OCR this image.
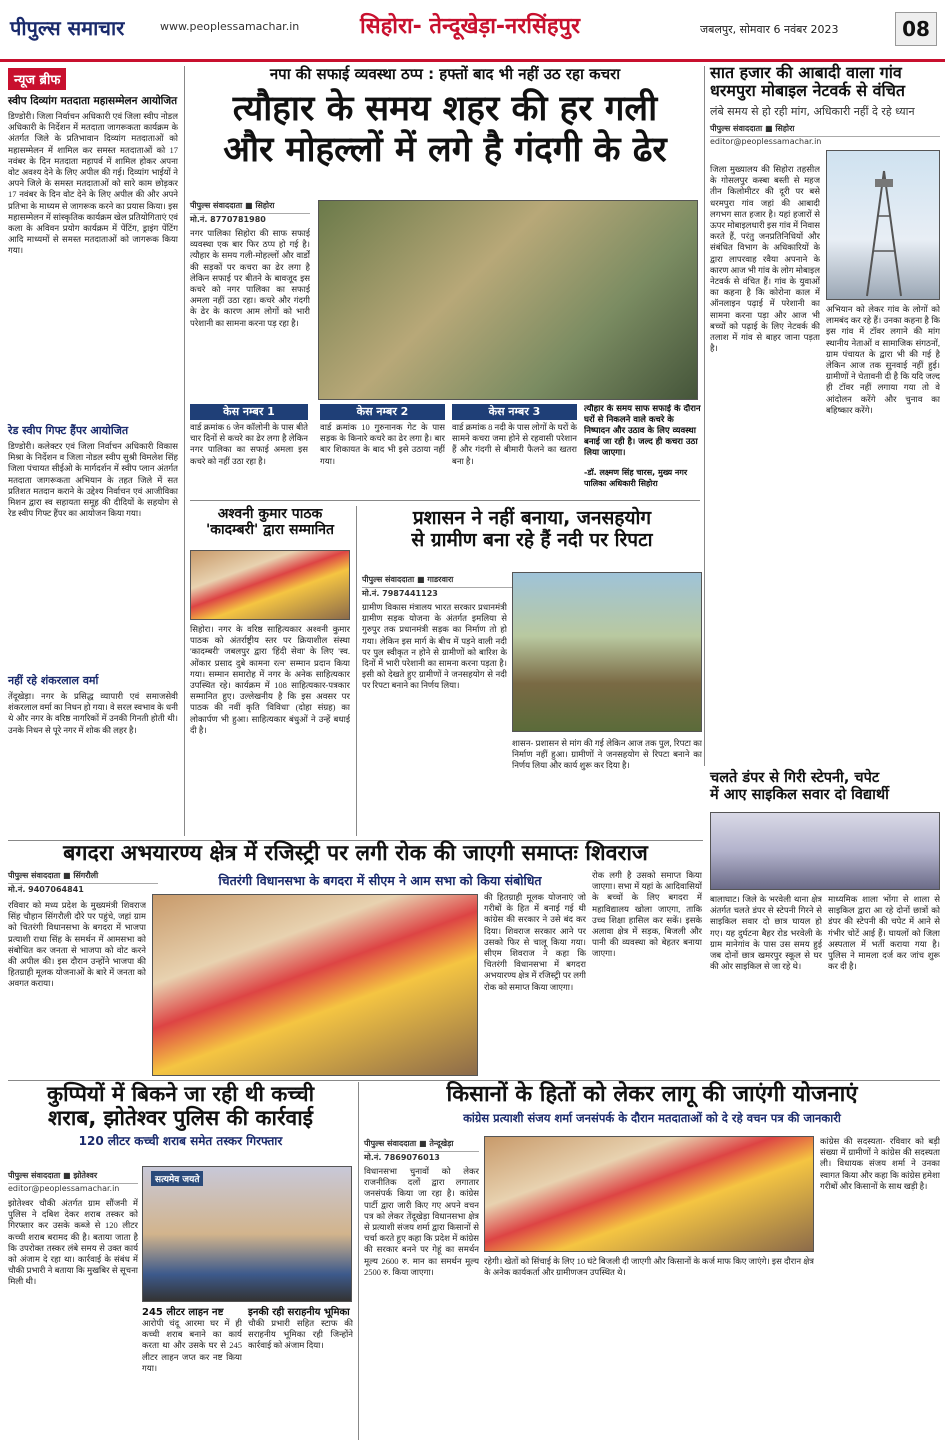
पीपुल्स समाचार	www.peoplessamachar.in	सिहोरा- तेन्दूखेड़ा-नरसिंहपुर	जबलपुर, सोमवार 6 नवंबर 2023	08
न्यूज ब्रीफ
स्वीप दिव्यांग मतदाता महासम्मेलन आयोजित
डिण्डोरी। जिला निर्वाचन अधिकारी एवं जिला स्वीप नोडल अधिकारी के निर्देशन में मतदाता जागरूकता कार्यक्रम के अंतर्गत जिले के प्रतिभावान दिव्यांग मतदाताओं को महासम्मेलन में शामिल कर समस्त मतदाताओं को 17 नवंबर के दिन मतदाता महापर्व में शामिल होकर अपना वोट अवश्य देने के लिए अपील की गई। दिव्यांग भाईयों ने अपने जिले के समस्त मतदाताओं को सारे काम छोड़कर 17 नवंबर के दिन वोट देने के लिए अपील की और अपने प्रतिभा के माध्यम से जागरूक करने का प्रयास किया। इस महासम्मेलन में सांस्कृतिक कार्यक्रम खेल प्रतियोगिताएं एवं कला के अविवन प्रयोग कार्यक्रम में पेंटिंग, ड्राइंग पेंटिंग आदि माध्यमों से समस्त मतदाताओं को जागरूक किया गया।
रेड स्वीप गिफ्ट हैंपर आयोजित
डिण्डोरी। कलेक्टर एवं जिला निर्वाचन अधिकारी विकास मिश्रा के निर्देशन व जिला नोडल स्वीप सुश्री विमलेश सिंह जिला पंचायत सीईओ के मार्गदर्शन में स्वीप प्लान अंतर्गत मतदाता जागरूकता अभियान के तहत जिले में सत प्रतिशत मतदान कराने के उद्देश्य निर्वाचन एवं आजीविका मिशन द्वारा स्व सहायता समूह की दीदियों के सहयोग से रेड स्वीप गिफ्ट हैंपर का आयोजन किया गया।
नहीं रहे शंकरलाल वर्मा
तेंदूखेड़ा। नगर के प्रसिद्ध व्यापारी एवं समाजसेवी शंकरलाल वर्मा का निधन हो गया। वे सरल स्वभाव के धनी थे और नगर के वरिष्ठ नागरिकों में उनकी गिनती होती थी। उनके निधन से पूरे नगर में शोक की लहर है।
नपा की सफाई व्यवस्था ठप्प : हफ्तों बाद भी नहीं उठ रहा कचरा
त्यौहार के समय शहर की हर गली
और मोहल्लों में लगे है गंदगी के ढेर
पीपुल्स संवाददाता ■ सिहोरा
मो.नं. 8770781980
नगर पालिका सिहोरा की साफ सफाई व्यवस्था एक बार फिर ठप्प हो गई है। त्यौहार के समय गली-मोहल्लों और वार्डों की सड़कों पर कचरा का ढेर लगा है लेकिन सफाई पर बीतने के बावजूद इस कचरे को नगर पालिका का सफाई अमला नहीं उठा रहा। कचरे और गंदगी के ढेर के कारण आम लोगों को भारी परेशानी का सामना करना पड़ रहा है।
केस नम्बर 1
वार्ड क्रमांक 6 जेन कॉलोनी के पास बीते चार दिनों से कचरे का ढेर लगा है लेकिन नगर पालिका का सफाई अमला इस कचरे को नहीं उठा रहा है।
केस नम्बर 2
वार्ड क्रमांक 10 गुरुनानक गेट के पास सड़क के किनारे कचरे का ढेर लगा है। बार बार शिकायत के बाद भी इसे उठाया नहीं गया।
केस नम्बर 3
वार्ड क्रमांक 8 नदी के पास लोगों के घरों के सामने कचरा जमा होने से रहवासी परेशान हैं और गंदगी से बीमारी फैलने का खतरा बना है।
त्यौहार के समय साफ सफाई के दौरान घरों से निकलने वाले कचरे के निष्पादन और उठाव के लिए व्यवस्था बनाई जा रही है। जल्द ही कचरा उठा लिया जाएगा।
-डॉ. लक्ष्मण सिंह चारस, मुख्य नगर पालिका अधिकारी सिहोरा
सात हजार की आबादी वाला गांव
धरमपुरा मोबाइल नेटवर्क से वंचित
लंबे समय से हो रही मांग, अधिकारी नहीं दे रहे ध्यान
पीपुल्स संवाददाता ■ सिहोरा
editor@peoplessamachar.in
जिला मुख्यालय की सिहोरा तहसील के गोसलपुर कस्बा बस्ती से महज तीन किलोमीटर की दूरी पर बसे धरमपुरा गांव जहां की आबादी लगभग सात हजार है। यहां हजारों से ऊपर मोबाइलधारी इस गांव में निवास करते हैं, परंतु जनप्रतिनिधियों और संबंधित विभाग के अधिकारियों के द्वारा लापरवाह रवैया अपनाने के कारण आज भी गांव के लोग मोबाइल नेटवर्क से वंचित हैं। गांव के युवाओं का कहना है कि कोरोना काल में ऑनलाइन पढ़ाई में परेशानी का सामना करना पड़ा और आज भी बच्चों को पढ़ाई के लिए नेटवर्क की तलाश में गांव से बाहर जाना पड़ता है।
अभियान को लेकर गांव के लोगों को लामबंद कर रहे हैं। उनका कहना है कि इस गांव में टॉवर लगाने की मांग स्थानीय नेताओं व सामाजिक संगठनों, ग्राम पंचायत के द्वारा भी की गई है लेकिन आज तक सुनवाई नहीं हुई। ग्रामीणों ने चेतावनी दी है कि यदि जल्द ही टॉवर नहीं लगाया गया तो वे आंदोलन करेंगे और चुनाव का बहिष्कार करेंगे।
अश्वनी कुमार पाठक 'कादम्बरी' द्वारा सम्मानित
सिहोरा। नगर के वरिष्ठ साहित्यकार अश्वनी कुमार पाठक को अंतर्राष्ट्रीय स्तर पर क्रियाशील संस्था 'कादम्बरी' जबलपुर द्वारा 'हिंदी सेवा' के लिए 'स्व. ओंकार प्रसाद दुबे कामना रत्न' सम्मान प्रदान किया गया। सम्मान समारोह में नगर के अनेक साहित्यकार उपस्थित रहे। कार्यक्रम में 108 साहित्यकार-पत्रकार सम्मानित हुए। उल्लेखनीय है कि इस अवसर पर पाठक की नवीं कृति 'विविधा' (दोहा संग्रह) का लोकार्पण भी हुआ। साहित्यकार बंधुओं ने उन्हें बधाई दी है।
प्रशासन ने नहीं बनाया, जनसहयोग
से ग्रामीण बना रहे हैं नदी पर रिपटा
पीपुल्स संवाददाता ■ गाडरवारा
मो.नं. 7987441123
ग्रामीण विकास मंत्रालय भारत सरकार प्रधानमंत्री ग्रामीण सड़क योजना के अंतर्गत इमलिया से गुरुपुर तक प्रधानमंत्री सड़क का निर्माण तो हो गया। लेकिन इस मार्ग के बीच में पड़ने वाली नदी पर पुल स्वीकृत न होने से ग्रामीणों को बारिश के दिनों में भारी परेशानी का सामना करना पड़ता है। इसी को देखते हुए ग्रामीणों ने जनसहयोग से नदी पर रिपटा बनाने का निर्णय लिया।
शासन- प्रशासन से मांग की गई लेकिन आज तक पुल, रिपटा का निर्माण नहीं हुआ। ग्रामीणों ने जनसहयोग से रिपटा बनाने का निर्णय लिया और कार्य शुरू कर दिया है।
चलते डंपर से गिरी स्टेपनी, चपेट
में आए साइकिल सवार दो विद्यार्थी
बगदरा अभयारण्य क्षेत्र में रजिस्ट्री पर लगी रोक की जाएगी समाप्तः शिवराज
पीपुल्स संवाददाता ■ सिंगरौली
मो.नं. 9407064841
चितरंगी विधानसभा के बगदरा में सीएम ने आम सभा को किया संबोधित
रविवार को मध्य प्रदेश के मुख्यमंत्री शिवराज सिंह चौहान सिंगरौली दौरे पर पहुंचे, जहां ग्राम को चितरंगी विधानसभा के बगदरा में भाजपा प्रत्याशी राधा सिंह के समर्थन में आमसभा को संबोधित कर जनता से भाजपा को वोट करने की अपील की। इस दौरान उन्होंने भाजपा की हितग्राही मूलक योजनाओं के बारे में जनता को अवगत कराया।
की हितग्राही मूलक योजनाएं जो गरीबों के हित में बनाई गई थी कांग्रेस की सरकार ने उसे बंद कर दिया। शिवराज सरकार आने पर उसको फिर से चालू किया गया। सीएम शिवराज ने कहा कि चितरंगी विधानसभा में बगदरा अभयारण्य क्षेत्र में रजिस्ट्री पर लगी रोक को समाप्त किया जाएगा।
रोक लगी है उसको समाप्त किया जाएगा। सभा में यहां के आदिवासियों के बच्चों के लिए बगदरा में महाविद्यालय खोला जाएगा, ताकि उच्च शिक्षा हासिल कर सकें। इसके अलावा क्षेत्र में सड़क, बिजली और पानी की व्यवस्था को बेहतर बनाया जाएगा।
बालाघाट। जिले के भरवेली थाना क्षेत्र अंतर्गत चलते डंपर से स्टेपनी गिरने से साइकिल सवार दो छात्र घायल हो गए। यह दुर्घटना बैहर रोड भरवेली के ग्राम मानेगांव के पास उस समय हुई जब दोनों छात्र खमरपुर स्कूल से घर की ओर साइकिल से जा रहे थे।
माध्यमिक शाला भोंगा से शाला से साइकिल द्वारा आ रहे दोनों छात्रों को डंपर की स्टेपनी की चपेट में आने से गंभीर चोटें आई हैं। घायलों को जिला अस्पताल में भर्ती कराया गया है। पुलिस ने मामला दर्ज कर जांच शुरू कर दी है।
कुप्पियों में बिकने जा रही थी कच्ची
शराब, झोतेश्वर पुलिस की कार्रवाई
120 लीटर कच्ची शराब समेत तस्कर गिरफ्तार
पीपुल्स संवाददाता ■ झोतेश्वर
editor@peoplessamachar.in
झोतेश्वर चौकी अंतर्गत ग्राम सौंजनी में पुलिस ने दबिश देकर शराब तस्कर को गिरफ्तार कर उसके कब्जे से 120 लीटर कच्ची शराब बरामद की है। बताया जाता है कि उपरोक्त तस्कर लंबे समय से उक्त कार्य को अंजाम दे रहा था। कार्रवाई के संबंध में चौकी प्रभारी ने बताया कि मुखबिर से सूचना मिली थी।
सत्यमेव जयते
245 लीटर लाहन नष्ट
आरोपी चंदू आरमा घर में ही कच्ची शराब बनाने का कार्य करता था और उसके घर से 245 लीटर लाहन जप्त कर नष्ट किया गया।
इनकी रही सराहनीय भूमिका
चौकी प्रभारी सहित स्टाफ की सराहनीय भूमिका रही जिन्होंने कार्रवाई को अंजाम दिया।
किसानों के हितों को लेकर लागू की जाएंगी योजनाएं
कांग्रेस प्रत्याशी संजय शर्मा जनसंपर्क के दौरान मतदाताओं को दे रहे वचन पत्र की जानकारी
पीपुल्स संवाददाता ■ तेन्दूखेड़ा
मो.नं. 7869076013
विधानसभा चुनावों को लेकर राजनीतिक दलों द्वारा लगातार जनसंपर्क किया जा रहा है। कांग्रेस पार्टी द्वारा जारी किए गए अपने वचन पत्र को लेकर तेंदूखेड़ा विधानसभा क्षेत्र से प्रत्याशी संजय शर्मा द्वारा किसानों से चर्चा करते हुए कहा कि प्रदेश में कांग्रेस की सरकार बनने पर गेहूं का समर्थन मूल्य 2600 रु. मान का समर्थन मूल्य 2500 रु. किया जाएगा।
रहेगी। खेतों को सिंचाई के लिए 10 घंटे बिजली दी जाएगी और किसानों के कर्ज माफ किए जाएंगे। इस दौरान क्षेत्र के अनेक कार्यकर्ता और ग्रामीणजन उपस्थित थे।
कांग्रेस की सदस्यता- रविवार को बड़ी संख्या में ग्रामीणों ने कांग्रेस की सदस्यता ली। विधायक संजय शर्मा ने उनका स्वागत किया और कहा कि कांग्रेस हमेशा गरीबों और किसानों के साथ खड़ी है।
